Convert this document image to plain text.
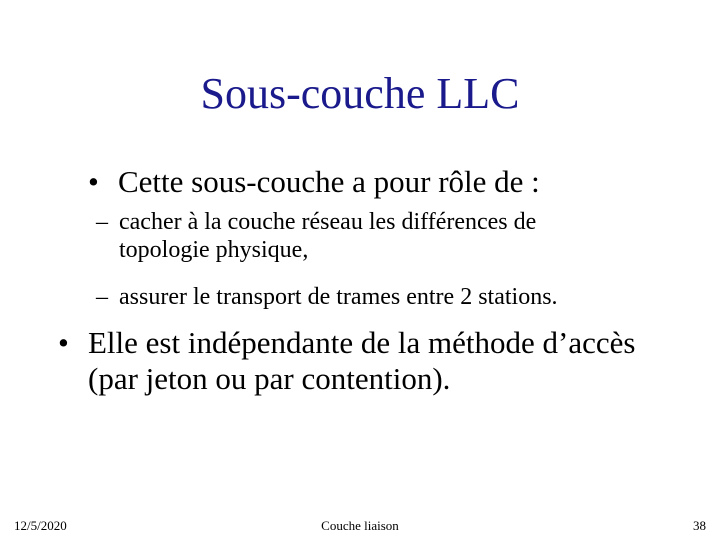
Sous-couche LLC
• Cette sous-couche a pour rôle de :
– cacher à la couche réseau les différences de topologie physique,
– assurer le transport de trames entre 2 stations.
• Elle est indépendante de la méthode d’accès (par jeton ou par contention).
12/5/2020	Couche liaison	38
